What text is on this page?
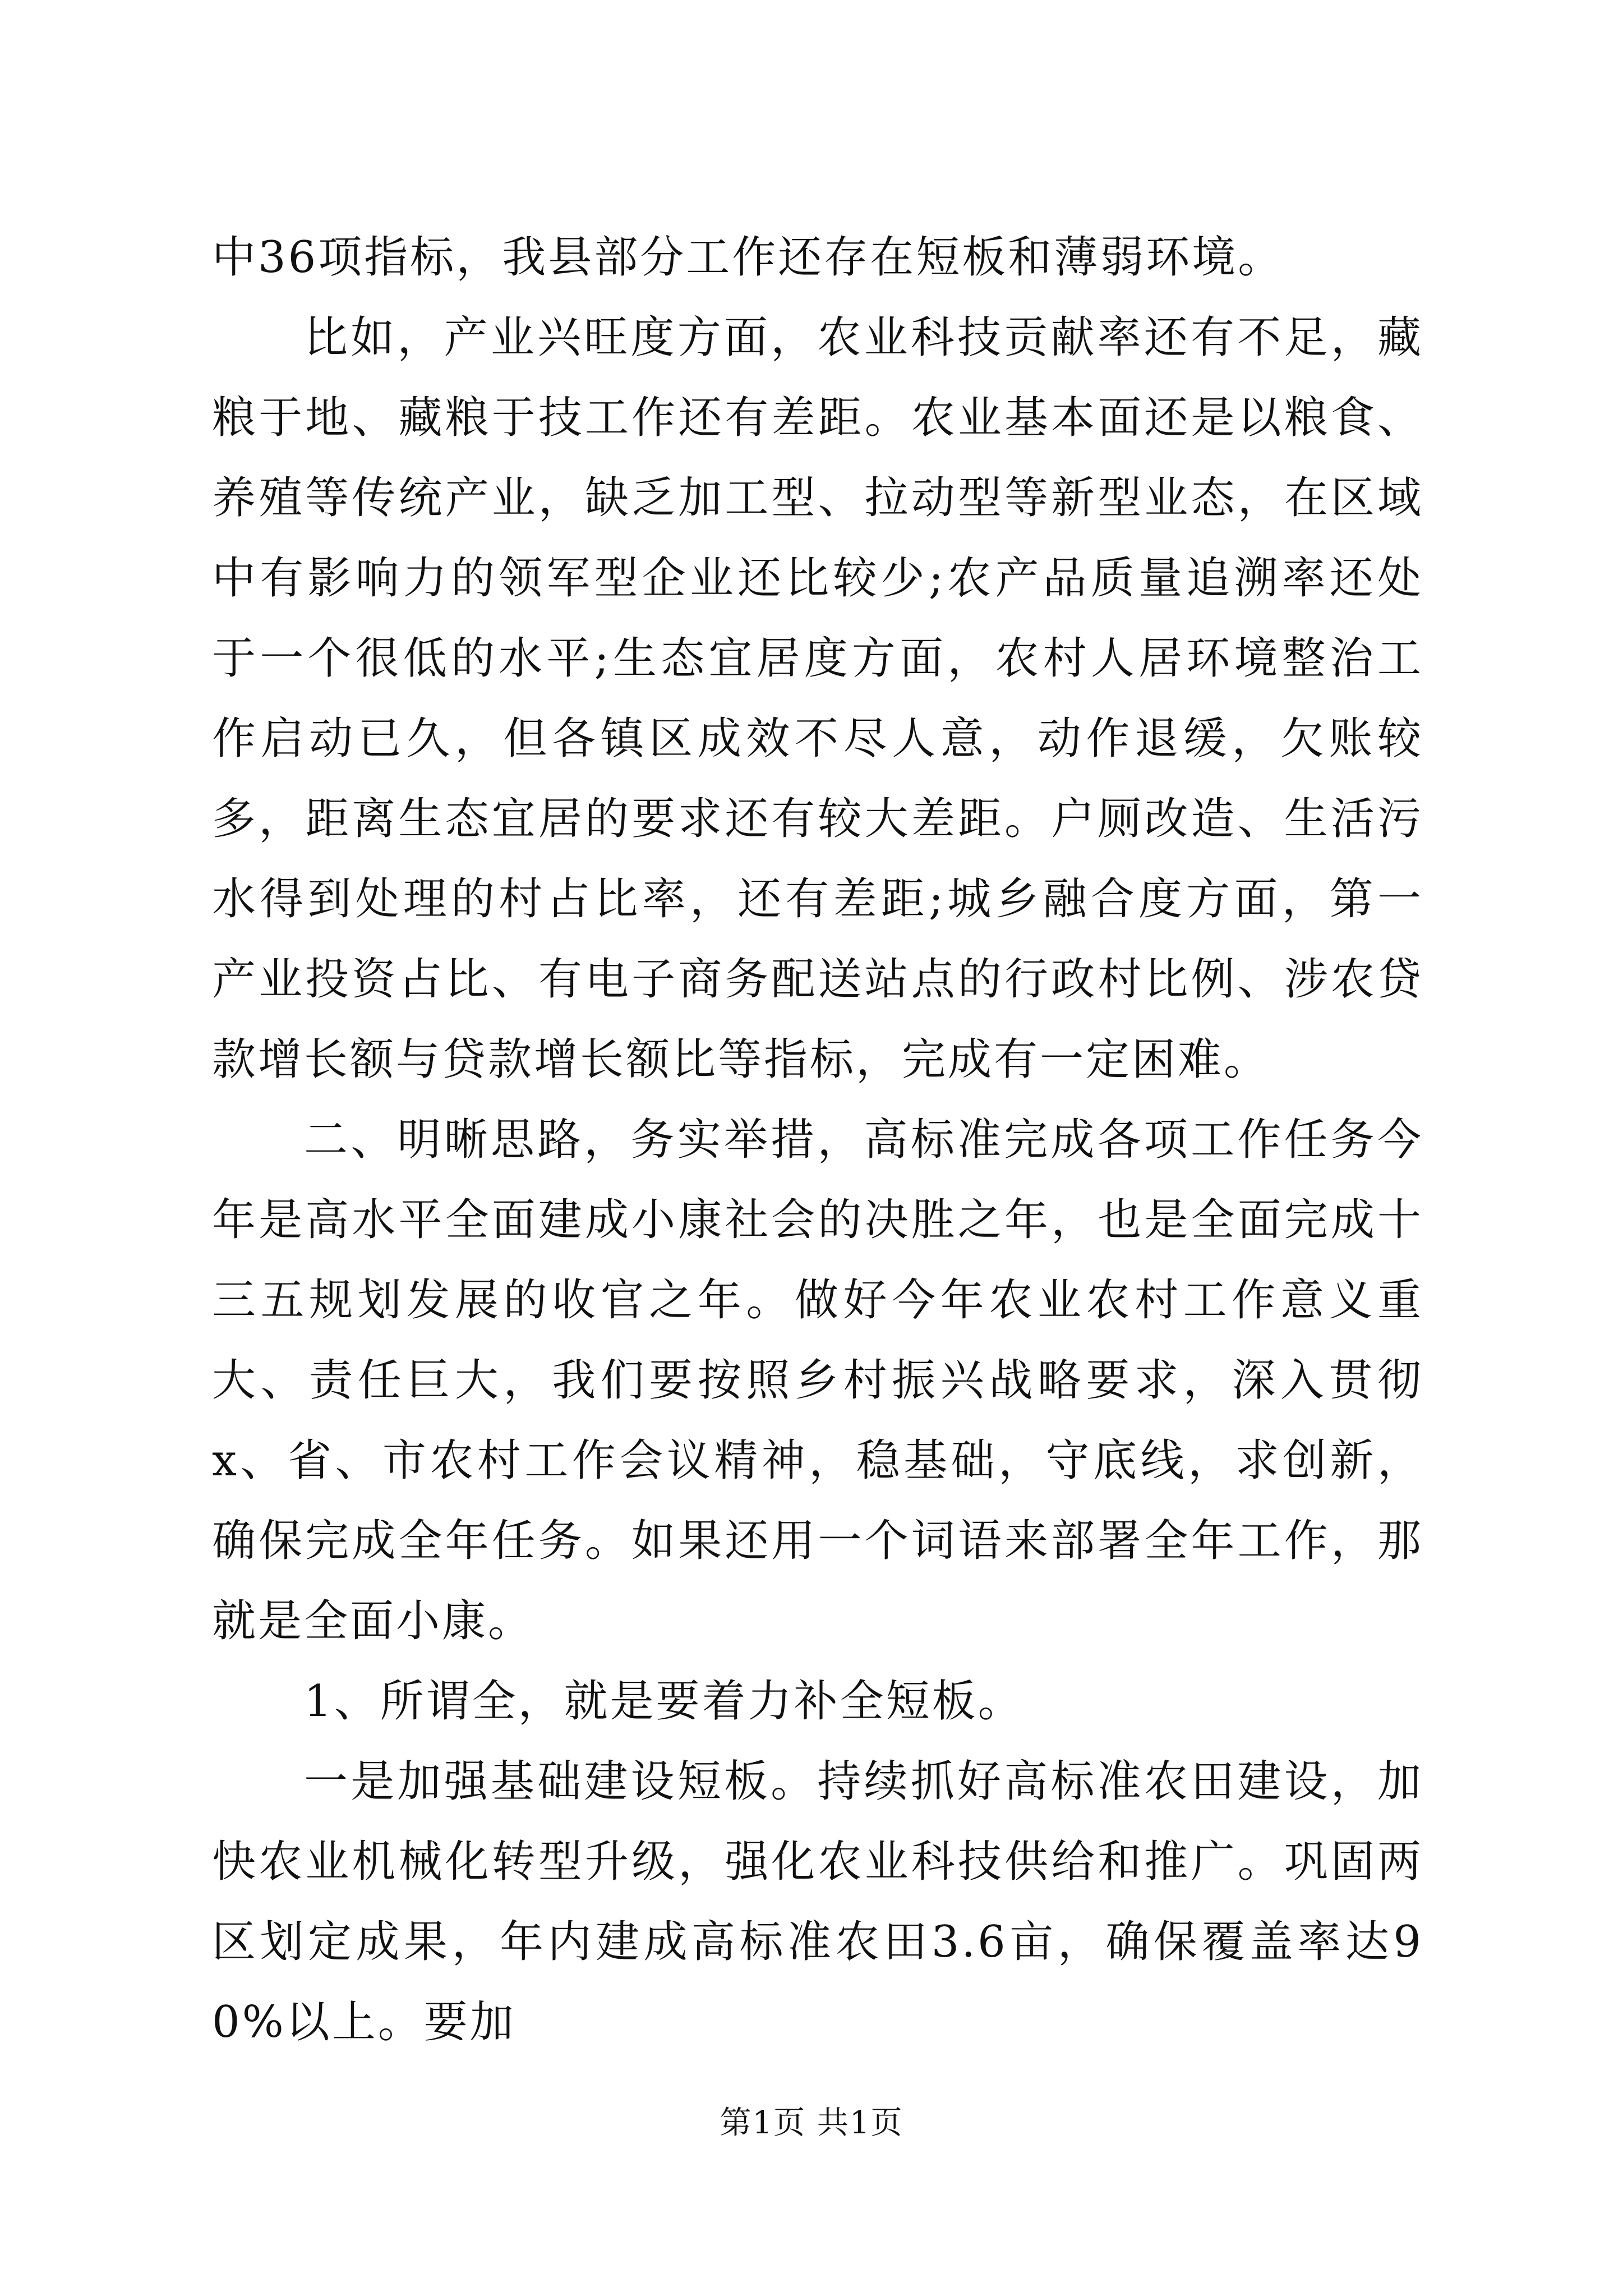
中36项指标，我县部分工作还存在短板和薄弱环境。

比如，产业兴旺度方面，农业科技贡献率还有不足，藏粮于地、藏粮于技工作还有差距。农业基本面还是以粮食、养殖等传统产业，缺乏加工型、拉动型等新型业态，在区域中有影响力的领军型企业还比较少;农产品质量追溯率还处于一个很低的水平;生态宜居度方面，农村人居环境整治工作启动已久，但各镇区成效不尽人意，动作退缓，欠账较多，距离生态宜居的要求还有较大差距。户厕改造、生活污水得到处理的村占比率，还有差距;城乡融合度方面，第一产业投资占比、有电子商务配送站点的行政村比例、涉农贷款增长额与贷款增长额比等指标，完成有一定困难。

二、明晰思路，务实举措，高标准完成各项工作任务今年是高水平全面建成小康社会的决胜之年，也是全面完成十三五规划发展的收官之年。做好今年农业农村工作意义重大、责任巨大，我们要按照乡村振兴战略要求，深入贯彻x、省、市农村工作会议精神，稳基础，守底线，求创新，确保完成全年任务。如果还用一个词语来部署全年工作，那就是全面小康。

1、所谓全，就是要着力补全短板。

一是加强基础建设短板。持续抓好高标准农田建设，加快农业机械化转型升级，强化农业科技供给和推广。巩固两区划定成果，年内建成高标准农田3.6亩，确保覆盖率达90%以上。要加

第1页 共1页
